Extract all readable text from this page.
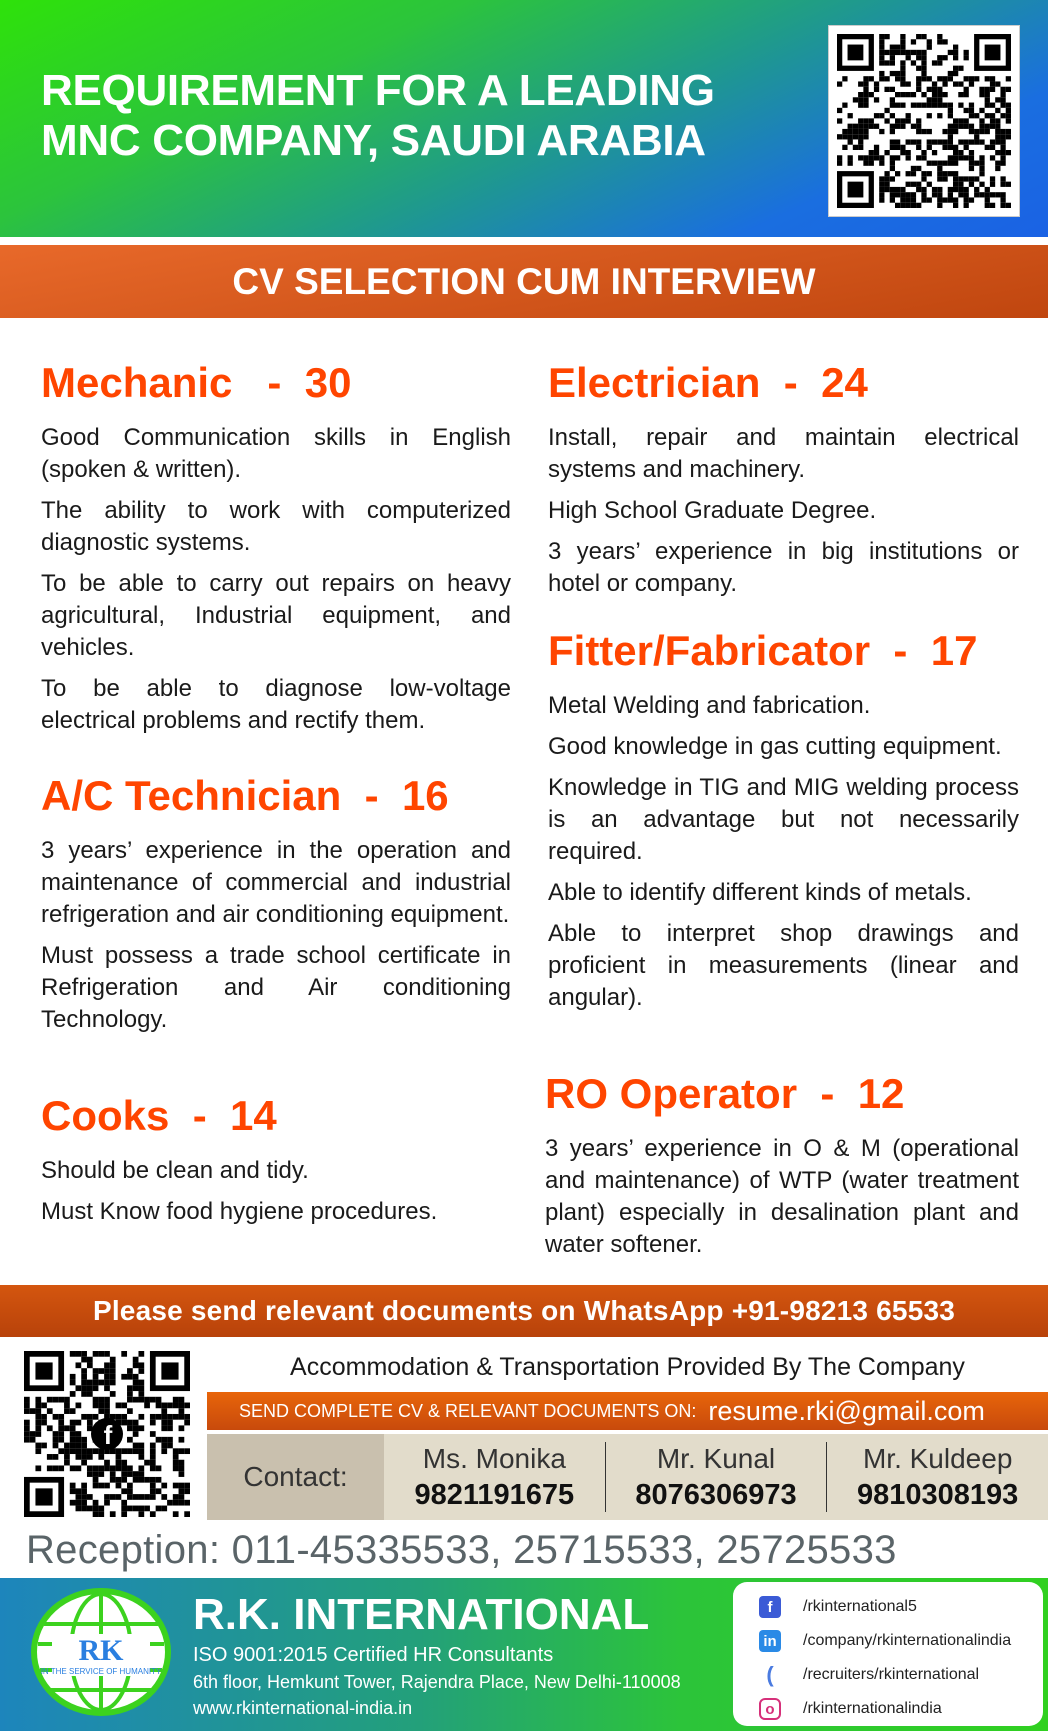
REQUIREMENT FOR A LEADING
MNC COMPANY, SAUDI ARABIA
CV SELECTION CUM INTERVIEW
Mechanic   -  30

Good Communication skills in English (spoken & written).

The ability to work with computerized diagnostic systems.

To be able to carry out repairs on heavy agricultural, Industrial equipment, and vehicles.

To be able to diagnose low-voltage electrical problems and rectify them.

A/C Technician  -  16

3 years’ experience in the operation and maintenance of commercial and industrial refrigeration and air conditioning equipment.

Must possess a trade school certificate in Refrigeration and Air conditioning Technology.

Cooks  -  14

Should be clean and tidy.

Must Know food hygiene procedures.

Electrician  -  24

Install, repair and maintain electrical systems and machinery.

High School Graduate Degree.

3 years’ experience in big institutions or hotel or company.

Fitter/Fabricator  -  17

Metal Welding and fabrication.

Good knowledge in gas cutting equipment.

Knowledge in TIG and MIG welding process is an advantage but not necessarily required.

Able to identify different kinds of metals.

Able to interpret shop drawings and proficient in measurements (linear and angular).

RO Operator  -  12

3 years’ experience in O & M (operational and maintenance) of WTP (water treatment plant) especially in desalination plant and water softener.

Please send relevant documents on WhatsApp +91-98213 65533
f
Accommodation & Transportation Provided By The Company
SEND COMPLETE CV & RELEVANT DOCUMENTS ON: resume.rki@gmail.com
Contact:
Ms. Monika
9821191675
Mr. Kunal
8076306973
Mr. Kuldeep
9810308193
Reception: 011-45335533, 25715533, 25725533
RK
IN THE SERVICE OF HUMANITY
R.K. INTERNATIONAL
ISO 9001:2015 Certified HR Consultants
6th floor, Hemkunt Tower, Rajendra Place, New Delhi-110008
www.rkinternational-india.in
f	/rkinternational5
in /company/rkinternationalindia
(	/recruiters/rkinternational
o	/rkinternationalindia
